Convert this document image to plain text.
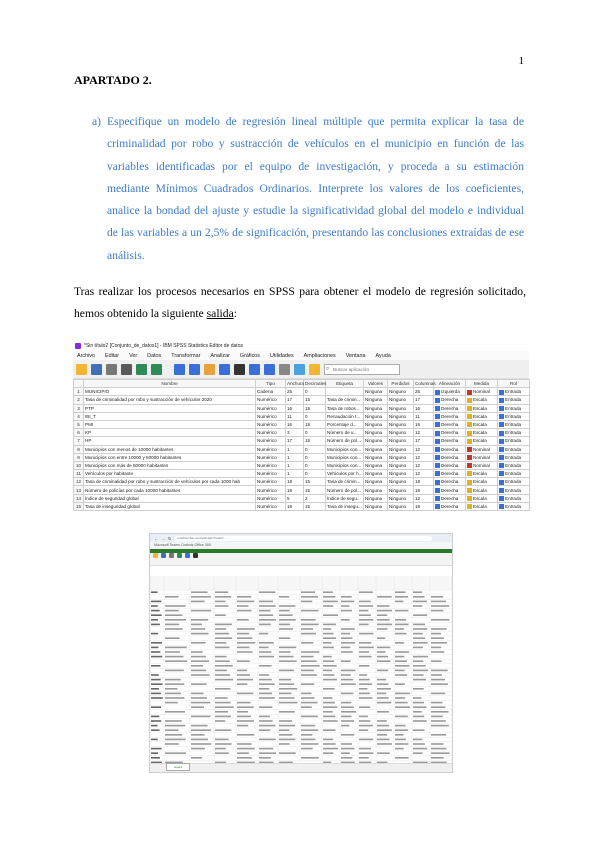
1
APARTADO 2.
a) Especifique un modelo de regresión lineal múltiple que permita explicar la tasa de criminalidad por robo y sustracción de vehículos en el municipio en función de las variables identificadas por el equipo de investigación, y proceda a su estimación mediante Mínimos Cuadrados Ordinarios. Interprete los valores de los coeficientes, analice la bondad del ajuste y estudie la significatividad global del modelo e individual de las variables a un 2,5% de significación, presentando las conclusiones extraídas de ese análisis.
Tras realizar los procesos necesarios en SPSS para obtener el modelo de regresión solicitado, hemos obtenido la siguiente salida:
*Sin título2 [Conjunto_de_datos1] - IBM SPSS Statistics Editor de datos
Archivo Editar Ver Datos Transformar Analizar Gráficos Utilidades Ampliaciones Ventana Ayuda
⌕ Buscar aplicación
	Nombre	Tipo	Anchura	Decimales	Etiqueta	Valores	Perdidos	Columnas	Alineación	Medida	Rol
1	MUNICIPIO	Cadena	25	0		Ninguna	Ninguno	25	Izquierda	Nominal	Entrada
2	Tasa de criminalidad por robo y sustracción de vehículos 2020	Numérico	17	15	Tasa de crimin...	Ninguna	Ninguno	17	Derecha	Escala	Entrada
3	PTP	Numérico	16	15	Tasa de robos...	Ninguna	Ninguno	16	Derecha	Escala	Entrada
4	IBI_T	Numérico	11	0	Recaudación I...	Ninguna	Ninguno	11	Derecha	Escala	Entrada
5	PMI	Numérico	16	15	Porcentaje d...	Ninguna	Ninguno	16	Derecha	Escala	Entrada
6	KP	Numérico	3	0	Número de v...	Ninguna	Ninguno	12	Derecha	Escala	Entrada
7	HP	Numérico	17	15	Número de pol...	Ninguna	Ninguno	17	Derecha	Escala	Entrada
8	Municipios con menos de 10000 habitantes	Numérico	1	0	Municipios con...	Ninguna	Ninguno	12	Derecha	Nominal	Entrada
9	Municipios con entre 10000 y 50000 habitantes	Numérico	1	0	Municipios con...	Ninguna	Ninguno	12	Derecha	Nominal	Entrada
10	Municipios con más de 50000 habitantes	Numérico	1	0	Municipios con...	Ninguna	Ninguno	12	Derecha	Nominal	Entrada
11	Vehículos por habitante	Numérico	1	0	Vehículos por h...	Ninguna	Ninguno	12	Derecha	Escala	Entrada
12	Tasa de criminalidad por robo y sustracción de vehículos por cada 1000 hab	Numérico	18	15	Tasa de crimin...	Ninguna	Ninguno	18	Derecha	Escala	Entrada
13	Número de policías por cada 10000 habitantes	Numérico	18	15	Número de pol...	Ninguna	Ninguno	18	Derecha	Escala	Entrada
14	Índice de seguridad global	Numérico	5	2	Índice de segu...	Ninguna	Ninguno	12	Derecha	Escala	Entrada
15	Tasa de inseguridad global	Numérico	18	15	Tasa de insegu...	Ninguna	Ninguno	18	Derecha	Escala	Entrada
← → ↻	onedrive.live.com/edit.aspx?resid=...
Microsoft Teams Outlook Office 365
Hoja1
